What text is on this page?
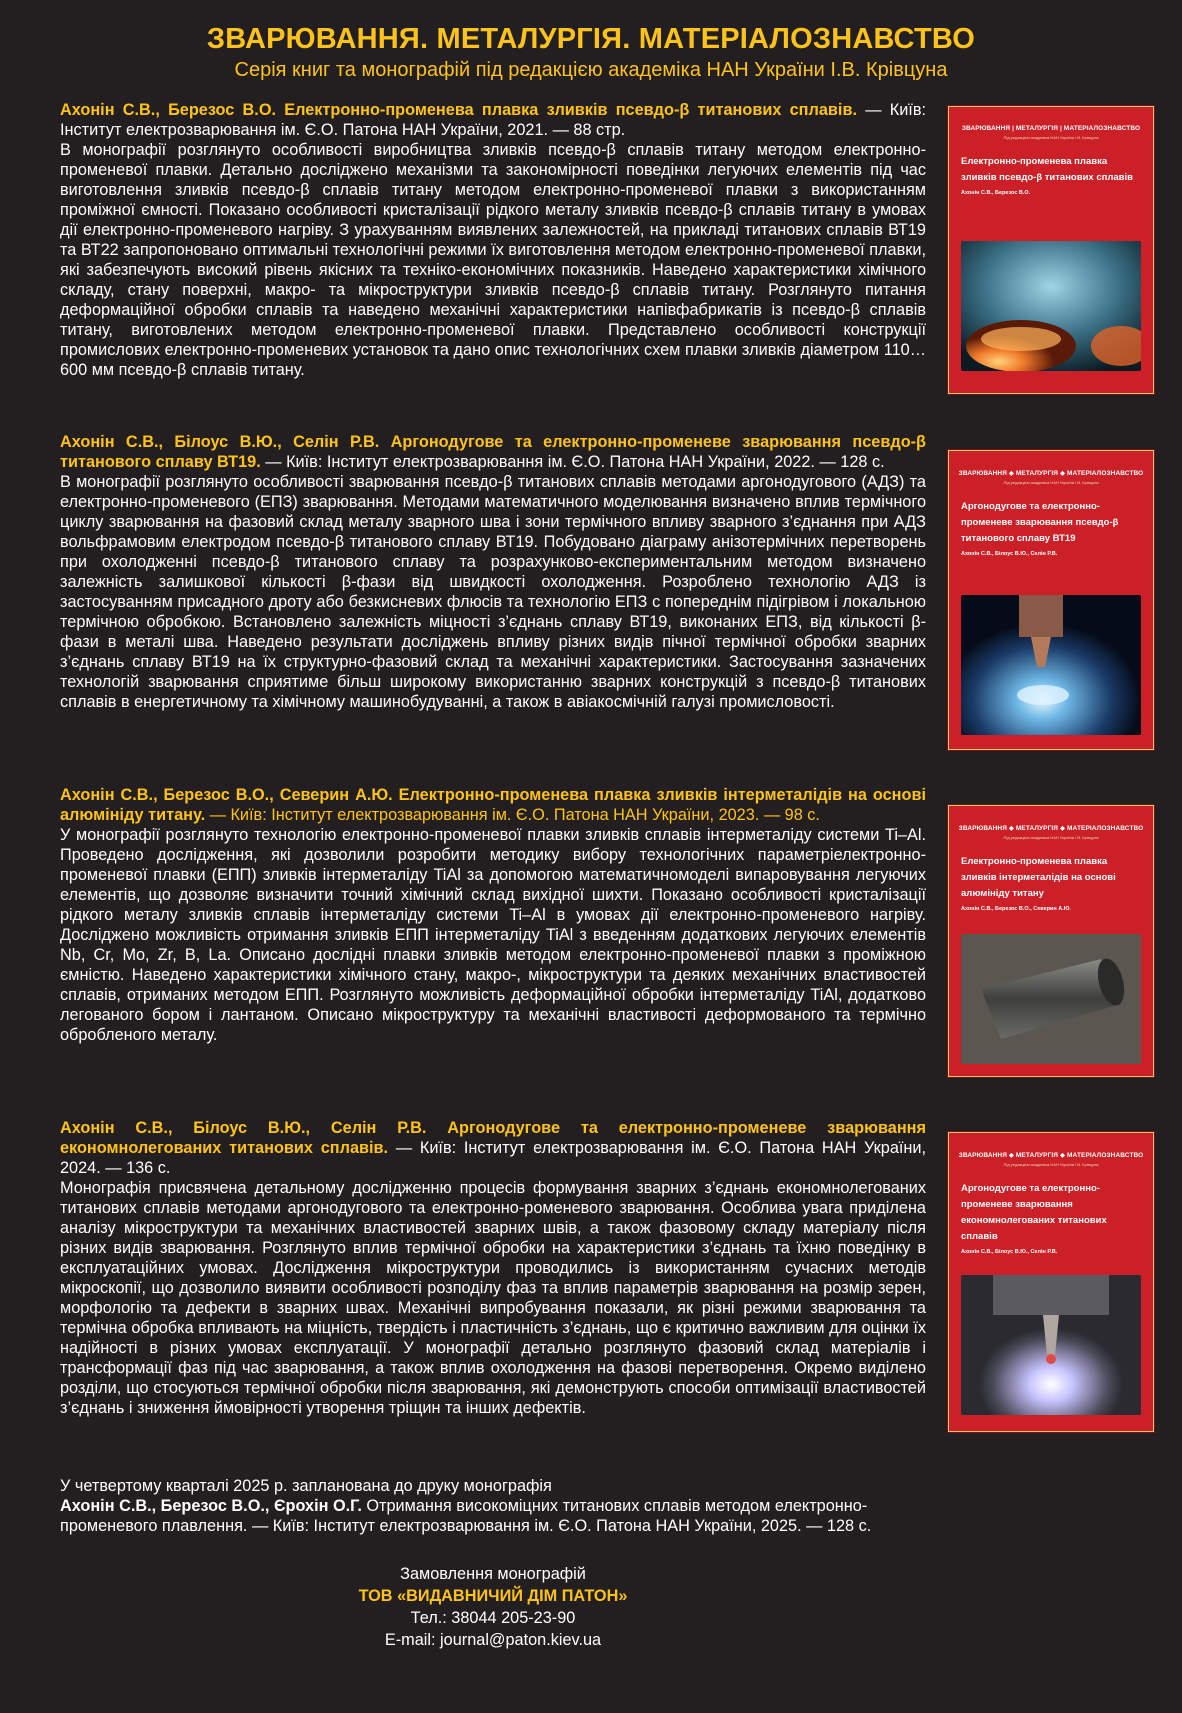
ЗВАРЮВАННЯ. МЕТАЛУРГІЯ. МАТЕРІАЛОЗНАВСТВО
Серія книг та монографій під редакцією академіка НАН України І.В. Крівцуна
Ахонін С.В., Березос В.О. Електронно-променева плавка зливків псевдо-β титанових сплавів. — Київ: Інститут електрозварювання ім. Є.О. Патона НАН України, 2021. — 88 стр.
В монографії розглянуто особливості виробництва зливків псевдо-β сплавів титану методом електронно-променевої плавки. Детально досліджено механізми та закономірності поведінки легуючих елементів під час виготовлення зливків псевдо-β сплавів титану методом електронно-променевої плавки з використанням проміжної ємності. Показано особливості кристалізації рідкого металу зливків псевдо-β сплавів титану в умовах дії електронно-променевого нагріву. З урахуванням виявлених залежностей, на прикладі титанових сплавів ВТ19 та ВТ22 запропоновано оптимальні технологічні режими їх виготовлення методом електронно-променевої плавки, які забезпечують високий рівень якісних та техніко-економічних показників. Наведено характеристики хімічного складу, стану поверхні, макро- та мікроструктури зливків псевдо-β сплавів титану. Розглянуто питання деформаційної обробки сплавів та наведено механічні характеристики напівфабрикатів із псевдо-β сплавів титану, виготовлених методом електронно-променевої плавки. Представлено особливості конструкції промислових електронно-променевих установок та дано опис технологічних схем плавки зливків діаметром 110…600 мм псевдо-β сплавів титану.
Ахонін С.В., Білоус В.Ю., Селін Р.В. Аргонодугове та електронно-променеве зварювання псевдо-β титанового сплаву ВТ19. — Київ: Інститут електрозварювання ім. Є.О. Патона НАН України, 2022. — 128 с.
В монографії розглянуто особливості зварювання псевдо-β титанових сплавів методами аргонодугового (АДЗ) та електронно-променевого (ЕПЗ) зварювання. Методами математичного моделювання визначено вплив термічного циклу зварювання на фазовий склад металу зварного шва і зони термічного впливу зварного з’єднання при АДЗ вольфрамовим електродом псевдо-β титанового сплаву ВТ19. Побудовано діаграму анізотермічних перетворень при охолодженні псевдо-β титанового сплаву та розрахунково-експериментальним методом визначено залежність залишкової кількості β-фази від швидкості охолодження. Розроблено технологію АДЗ із застосуванням присадного дроту або безкисневих флюсів та технологію ЕПЗ с попереднім підігрівом і локальною термічною обробкою. Встановлено залежність міцності з’єднань сплаву ВТ19, виконаних ЕПЗ, від кількості β-фази в металі шва. Наведено результати досліджень впливу різних видів пічної термічної обробки зварних з’єднань сплаву ВТ19 на їх структурно-фазовий склад та механічні характеристики. Застосування зазначених технологій зварювання сприятиме більш широкому використанню зварних конструкцій з псевдо-β титанових сплавів в енергетичному та хімічному машинобудуванні, а також в авіакосмічній галузі промисловості.
Ахонін С.В., Березос В.О., Северин А.Ю. Електронно-променева плавка зливків інтерметалідів на основі алюмініду титану. — Київ: Інститут електрозварювання ім. Є.О. Патона НАН України, 2023. — 98 с.
У монографії розглянуто технологію електронно-променевої плавки зливків сплавів інтерметаліду системи Ti–Al. Проведено дослідження, які дозволили розробити методику вибору технологічних параметріелектронно-променевої плавки (ЕПП) зливків інтерметаліду TiAl за допомогою математичномоделі випаровування легуючих елементів, що дозволяє визначити точний хімічний склад вихідної шихти. Показано особливості кристалізації рідкого металу зливків сплавів інтерметаліду системи Ti–Al в умовах дії електронно-променевого нагріву. Досліджено можливість отримання зливків ЕПП інтерметаліду TiAl з введенням додаткових легуючих елементів Nb, Cr, Mo, Zr, B, La. Описано дослідні плавки зливків методом електронно-променевої плавки з проміжною ємністю. Наведено характеристики хімічного стану, макро-, мікроструктури та деяких механічних властивостей сплавів, отриманих методом ЕПП. Розглянуто можливість деформаційної обробки інтерметаліду TiAl, додатково легованого бором і лантаном. Описано мікроструктуру та механічні властивості деформованого та термічно обробленого металу.
Ахонін С.В., Білоус В.Ю., Селін Р.В. Аргонодугове та електронно-променеве зварювання економнолегованих титанових сплавів. — Київ: Інститут електрозварювання ім. Є.О. Патона НАН України, 2024. — 136 с.
Монографія присвячена детальному дослідженню процесів формування зварних з’єднань економнолегованих титанових сплавів методами аргонодугового та електронно-роменевого зварювання. Особлива увага приділена аналізу мікроструктури та механічних властивостей зварних швів, а також фазовому складу матеріалу після різних видів зварювання. Розглянуто вплив термічної обробки на характеристики з’єднань та їхню поведінку в експлуатаційних умовах. Дослідження мікроструктури проводились із використанням сучасних методів мікроскопії, що дозволило виявити особливості розподілу фаз та вплив параметрів зварювання на розмір зерен, морфологію та дефекти в зварних швах. Механічні випробування показали, як різні режими зварювання та термічна обробка впливають на міцність, твердість і пластичність з’єднань, що є критично важливим для оцінки їх надійності в різних умовах експлуатації. У монографії детально розглянуто фазовий склад матеріалів і трансформації фаз під час зварювання, а також вплив охолодження на фазові перетворення. Окремо виділено розділи, що стосуються термічної обробки після зварювання, які демонструють способи оптимізації властивостей з’єднань і зниження ймовірності утворення тріщин та інших дефектів.
ЗВАРЮВАННЯ | МЕТАЛУРГІЯ | МАТЕРІАЛОЗНАВСТВО
Під редакцією академіка НАН України І.В. Крівцуна
Електронно-променева плавка зливків псевдо-β титанових сплавів
Ахонін С.В., Березос В.О.
ЗВАРЮВАННЯ ◆ МЕТАЛУРГІЯ ◆ МАТЕРІАЛОЗНАВСТВО
Під редакцією академіка НАН України І.В. Крівцуна
Аргонодугове та електронно-променеве зварювання псевдо-β титанового сплаву ВТ19
Ахонін С.В., Білоус В.Ю., Селін Р.В.
ЗВАРЮВАННЯ ◆ МЕТАЛУРГІЯ ◆ МАТЕРІАЛОЗНАВСТВО
Під редакцією академіка НАН України І.В. Крівцуна
Електронно-променева плавка зливків інтерметалідів на основі алюмініду титану
Ахонін С.В., Березос В.О., Северин А.Ю.
ЗВАРЮВАННЯ ◆ МЕТАЛУРГІЯ ◆ МАТЕРІАЛОЗНАВСТВО
Під редакцією академіка НАН України І.В. Крівцуна
Аргонодугове та електронно-променеве зварювання економнолегованих титанових сплавів
Ахонін С.В., Білоус В.Ю., Селін Р.В.
У четвертому кварталі 2025 р. запланована до друку монографія
Ахонін С.В., Березос В.О., Єрохін О.Г. Отримання високоміцних титанових сплавів методом електронно-променевого плавлення. — Київ: Інститут електрозварювання ім. Є.О. Патона НАН України, 2025. — 128 с.
Замовлення монографій
ТОВ «ВИДАВНИЧИЙ ДІМ ПАТОН»
Тел.: 38044 205-23-90
E-mail: journal@paton.kiev.ua
